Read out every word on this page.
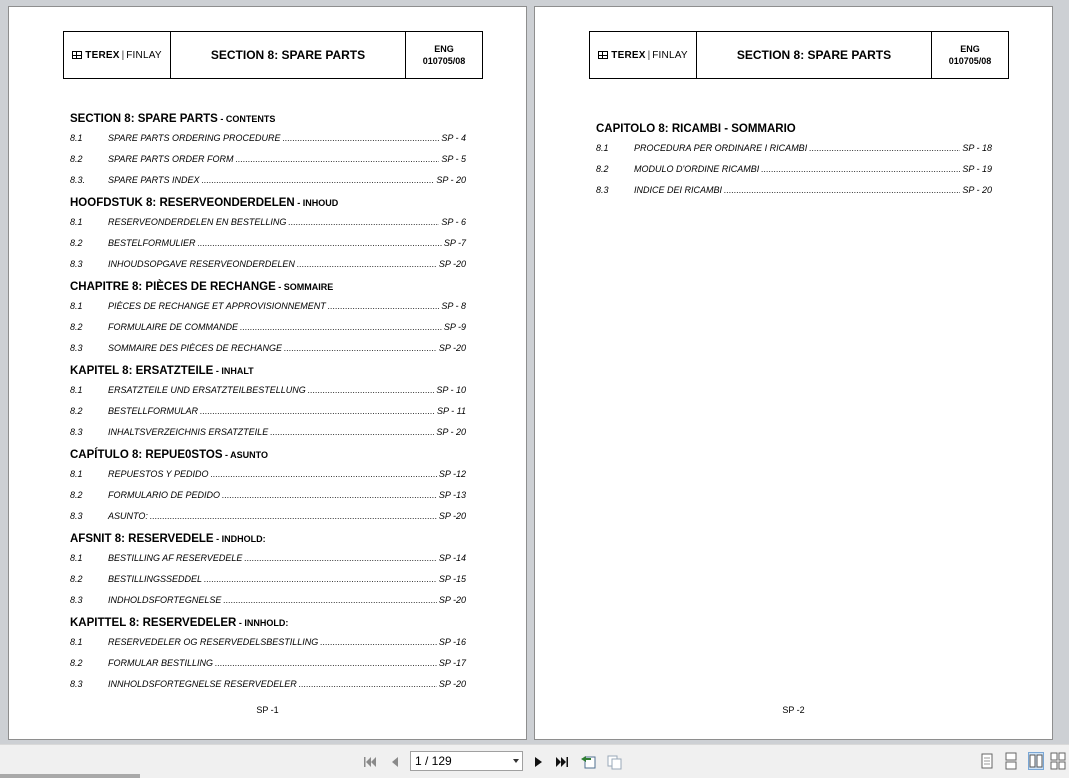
TEREX | FINLAY	SECTION 8: SPARE PARTS	ENG
010705/08
SECTION 8: SPARE PARTS - CONTENTS
8.1	SPARE PARTS ORDERING PROCEDURE .....	SP - 4
8.2	SPARE PARTS ORDER FORM .....	SP - 5
8.3.	SPARE PARTS INDEX .....	SP - 20
HOOFDSTUK 8: RESERVEONDERDELEN - INHOUD
8.1	RESERVEONDERDELEN EN BESTELLING .....	SP - 6
8.2	BESTELFORMULIER .....	SP -7
8.3	INHOUDSOPGAVE RESERVEONDERDELEN .....	SP -20
CHAPITRE 8: PIÈCES DE RECHANGE - SOMMAIRE
8.1	PIÈCES DE RECHANGE ET APPROVISIONNEMENT .....	SP - 8
8.2	FORMULAIRE DE COMMANDE .....	SP -9
8.3	SOMMAIRE DES PIÈCES DE RECHANGE .....	SP -20
KAPITEL 8: ERSATZTEILE - INHALT
8.1	ERSATZTEILE UND ERSATZTEILBESTELLUNG .....	SP - 10
8.2	BESTELLFORMULAR .....	SP - 11
8.3	INHALTSVERZEICHNIS ERSATZTEILE .....	SP - 20
CAPÍTULO 8: REPUE0STOS - ASUNTO
8.1	REPUESTOS Y PEDIDO .....	SP -12
8.2	FORMULARIO DE PEDIDO .....	SP -13
8.3	ASUNTO: .....	SP -20
AFSNIT 8: RESERVEDELE - INDHOLD:
8.1	BESTILLING AF RESERVEDELE .....	SP -14
8.2	BESTILLINGSSEDDEL .....	SP -15
8.3	INDHOLDSFORTEGNELSE .....	SP -20
KAPITTEL 8: RESERVEDELER - INNHOLD:
8.1	RESERVEDELER OG RESERVEDELSBESTILLING .....	SP -16
8.2	FORMULAR BESTILLING .....	SP -17
8.3	INNHOLDSFORTEGNELSE RESERVEDELER .....	SP -20
SP -1
TEREX | FINLAY	SECTION 8: SPARE PARTS	ENG
010705/08
CAPITOLO 8: RICAMBI - SOMMARIO
8.1	PROCEDURA PER ORDINARE I RICAMBI .....	SP - 18
8.2	MODULO D'ORDINE RICAMBI .....	SP - 19
8.3	INDICE DEI RICAMBI .....	SP - 20
SP -2
1 / 129
